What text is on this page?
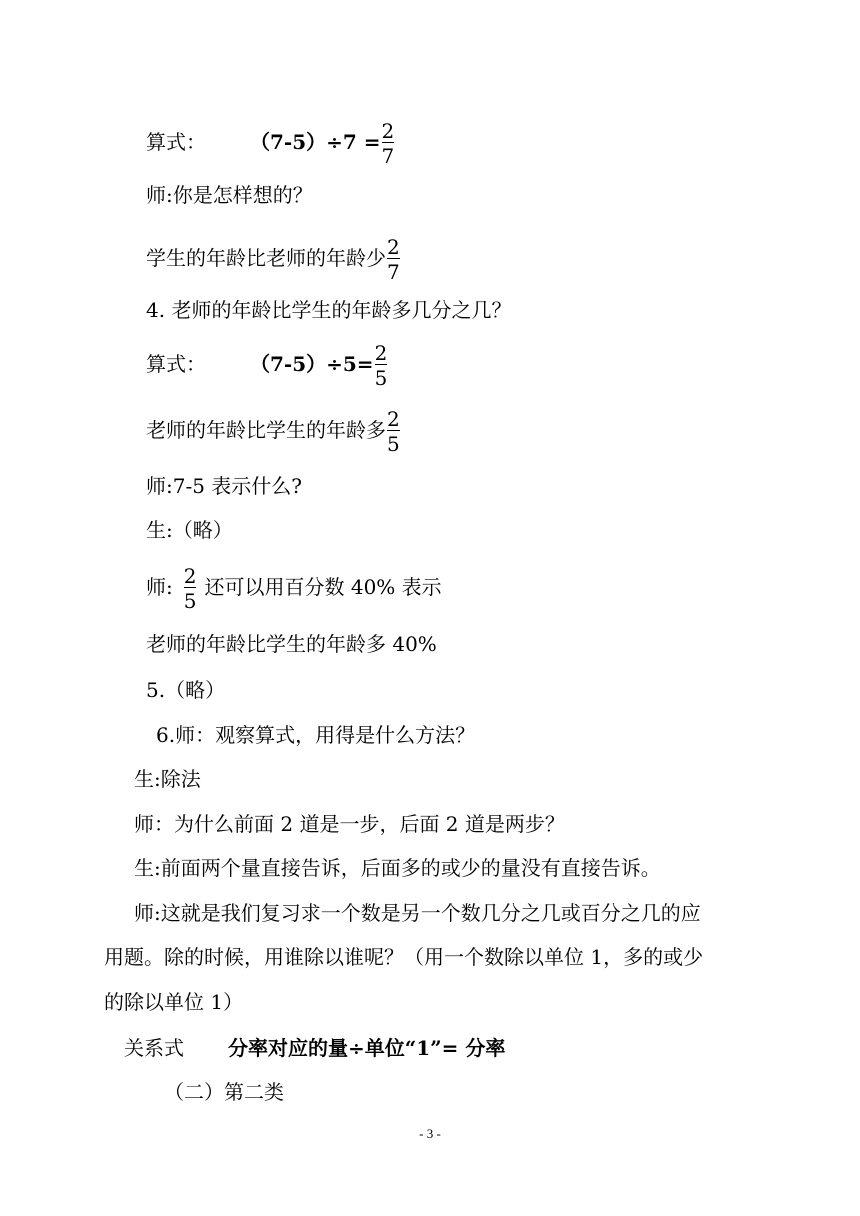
算式： $(7-5)\div 7 = \frac{2}{7}$
师:你是怎样想的？
学生的年龄比老师的年龄少 $\frac{2}{7}$
4. 老师的年龄比学生的年龄多几分之几？
算式： $(7-5)\div 5= \frac{2}{5}$
老师的年龄比学生的年龄多 $\frac{2}{5}$
师:7-5 表示什么?
生:（略）
师: $\frac{2}{5}$ 还可以用百分数 40% 表示
老师的年龄比学生的年龄多 40%
5.（略）
6.师：观察算式，用得是什么方法？
生:除法
师：为什么前面 2 道是一步，后面 2 道是两步？
生:前面两个量直接告诉，后面多的或少的量没有直接告诉。
师:这就是我们复习求一个数是另一个数几分之几或百分之几的应
用题。除的时候，用谁除以谁呢？（用一个数除以单位 1，多的或少
的除以单位 1）
关系式 分率对应的量÷单位“1”= 分率
（二）第二类
- 3 -
